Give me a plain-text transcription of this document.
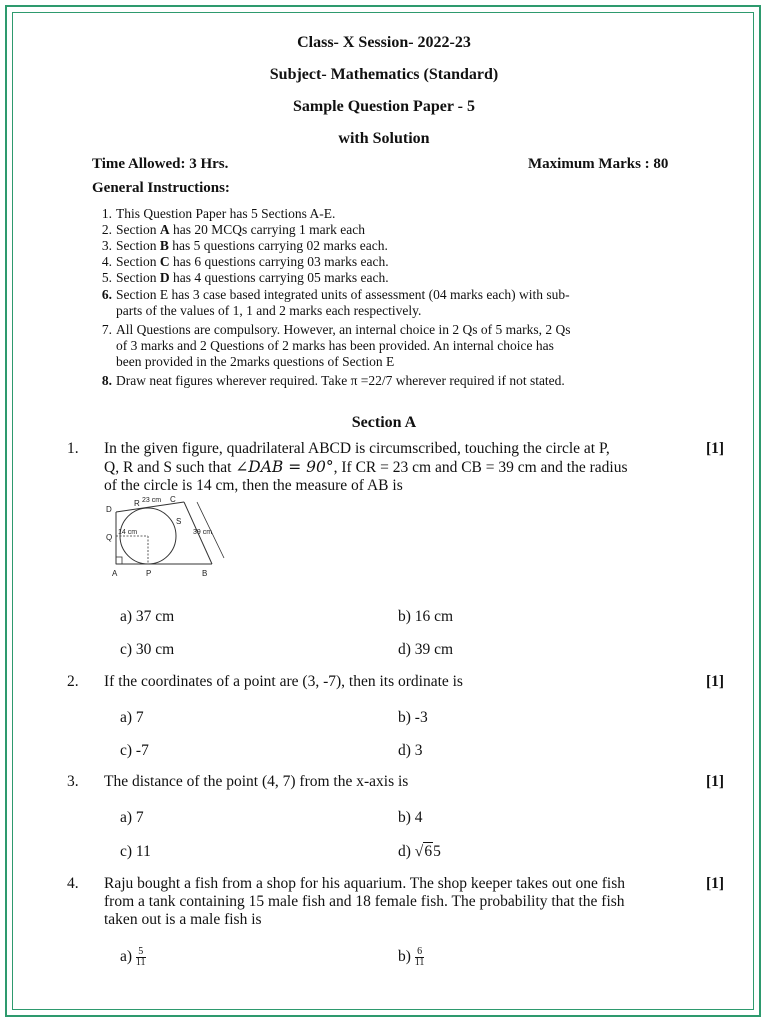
Class- X Session- 2022-23
Subject- Mathematics (Standard)
Sample Question Paper - 5
with Solution
Time Allowed: 3 Hrs.	Maximum Marks : 80
General Instructions:
1. This Question Paper has 5 Sections A-E.
2. Section A has 20 MCQs carrying 1 mark each
3. Section B has 5 questions carrying 02 marks each.
4. Section C has 6 questions carrying 03 marks each.
5. Section D has 4 questions carrying 05 marks each.
6. Section E has 3 case based integrated units of assessment (04 marks each) with sub-
parts of the values of 1, 1 and 2 marks each respectively.
7. All Questions are compulsory. However, an internal choice in 2 Qs of 5 marks, 2 Qs
of 3 marks and 2 Questions of 2 marks has been provided. An internal choice has
been provided in the 2marks questions of Section E
8. Draw neat figures wherever required. Take π =22/7 wherever required if not stated.
Section A
1. In the given figure, quadrilateral ABCD is circumscribed, touching the circle at P,
Q, R and S such that ∠DAB = 90°, If CR = 23 cm and CB = 39 cm and the radius
of the circle is 14 cm, then the measure of AB is
[1]
D
R 23 cm C
S
39 cm
14 cm
Q
A	P	B
a) 37 cm	b) 16 cm
c) 30 cm	d) 39 cm
2. If the coordinates of a point are (3, -7), then its ordinate is	[1]
a) 7	b) -3
c) -7	d) 3
3. The distance of the point (4, 7) from the x-axis is	[1]
a) 7	b) 4
c) 11	d) √65
4. Raju bought a fish from a shop for his aquarium. The shop keeper takes out one fish
from a tank containing 15 male fish and 18 female fish. The probability that the fish
taken out is a male fish is
[1]
$a) \frac{5}{11}$	$b) \frac{6}{11}$
